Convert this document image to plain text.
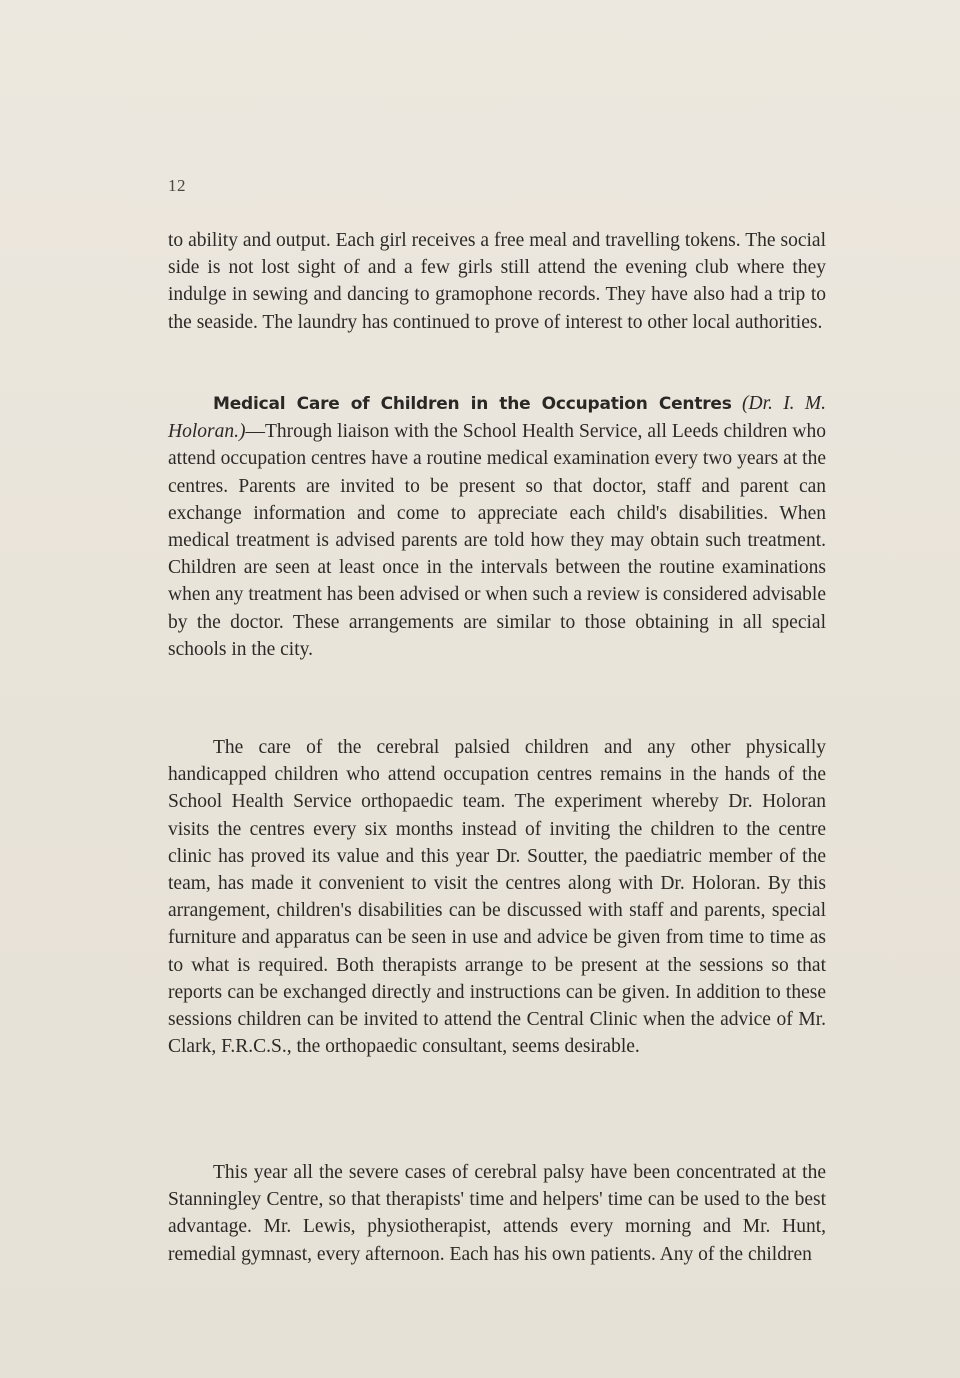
12

to ability and output. Each girl receives a free meal and travelling tokens. The social side is not lost sight of and a few girls still attend the evening club where they indulge in sewing and dancing to gramophone records. They have also had a trip to the seaside. The laundry has continued to prove of interest to other local authorities.

Medical Care of Children in the Occupation Centres (Dr. I. M. Holoran.)—Through liaison with the School Health Service, all Leeds children who attend occupation centres have a routine medical examination every two years at the centres. Parents are invited to be present so that doctor, staff and parent can exchange information and come to appreciate each child's disabilities. When medical treatment is advised parents are told how they may obtain such treatment. Children are seen at least once in the intervals between the routine examinations when any treatment has been advised or when such a review is considered advisable by the doctor. These arrangements are similar to those obtaining in all special schools in the city.

The care of the cerebral palsied children and any other physically handicapped children who attend occupation centres remains in the hands of the School Health Service orthopaedic team. The experiment whereby Dr. Holoran visits the centres every six months instead of inviting the children to the centre clinic has proved its value and this year Dr. Soutter, the paediatric member of the team, has made it convenient to visit the centres along with Dr. Holoran. By this arrangement, children's disabilities can be discussed with staff and parents, special furniture and apparatus can be seen in use and advice be given from time to time as to what is required. Both therapists arrange to be present at the sessions so that reports can be exchanged directly and instructions can be given. In addition to these sessions children can be invited to attend the Central Clinic when the advice of Mr. Clark, F.R.C.S., the orthopaedic consultant, seems desirable.

This year all the severe cases of cerebral palsy have been concentrated at the Stanningley Centre, so that therapists' time and helpers' time can be used to the best advantage. Mr. Lewis, physiotherapist, attends every morning and Mr. Hunt, remedial gymnast, every afternoon. Each has his own patients. Any of the children
